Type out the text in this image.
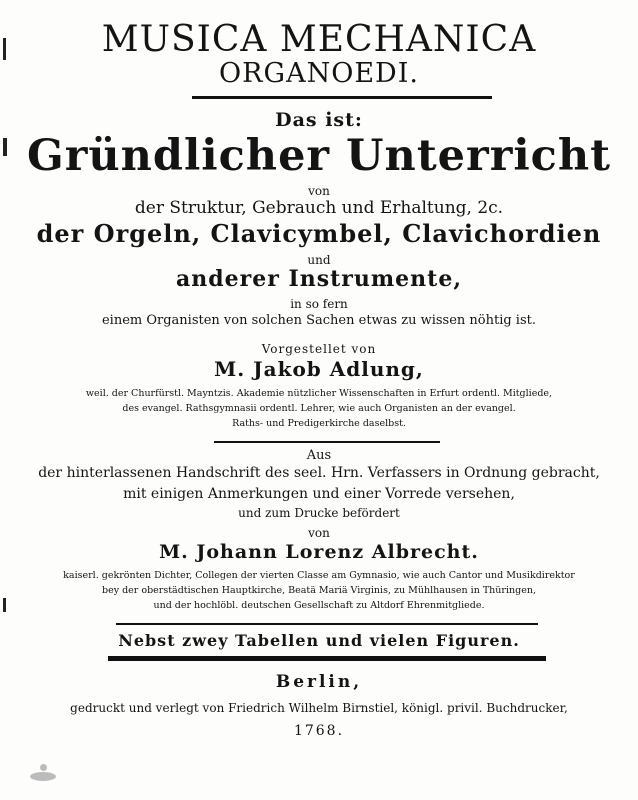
MUSICA MECHANICA
ORGANOEDI.
Das ist:
Gründlicher Unterricht
von
der Struktur, Gebrauch und Erhaltung, 2c.
der Orgeln, Clavicymbel, Clavichordien
und
anderer Instrumente,
in so fern
einem Organisten von solchen Sachen etwas zu wissen nöhtig ist.
Vorgestellet von
M. Jakob Adlung,
weil. der Churfürstl. Mayntzis. Akademie nützlicher Wissenschaften in Erfurt ordentl. Mitgliede,
des evangel. Rathsgymnasii ordentl. Lehrer, wie auch Organisten an der evangel.
Raths- und Predigerkirche daselbst.
Aus
der hinterlassenen Handschrift des seel. Hrn. Verfassers in Ordnung gebracht,
mit einigen Anmerkungen und einer Vorrede versehen,
und zum Drucke befördert
von
M. Johann Lorenz Albrecht.
kaiserl. gekrönten Dichter, Collegen der vierten Classe am Gymnasio, wie auch Cantor und Musikdirektor
bey der oberstädtischen Hauptkirche, Beatä Mariä Virginis, zu Mühlhausen in Thüringen,
und der hochlöbl. deutschen Gesellschaft zu Altdorf Ehrenmitgliede.
Nebst zwey Tabellen und vielen Figuren.
Berlin,
gedruckt und verlegt von Friedrich Wilhelm Birnstiel, königl. privil. Buchdrucker,
1768.
